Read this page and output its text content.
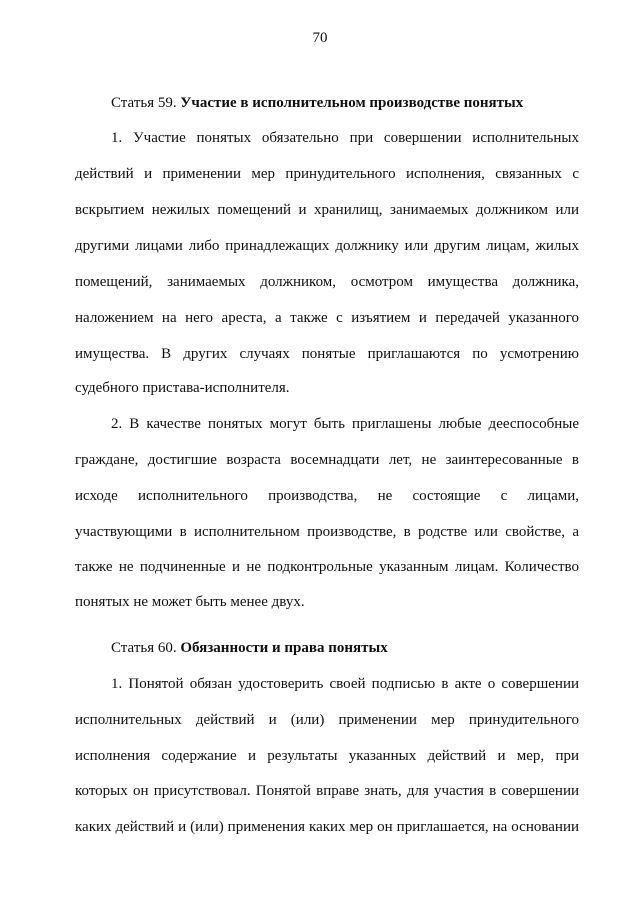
70
Статья 59. Участие в исполнительном производстве понятых
1. Участие понятых обязательно при совершении исполнительных
действий и применении мер принудительного исполнения, связанных с
вскрытием нежилых помещений и хранилищ, занимаемых должником или
другими лицами либо принадлежащих должнику или другим лицам, жилых
помещений, занимаемых должником, осмотром имущества должника,
наложением на него ареста, а также с изъятием и передачей указанного
имущества. В других случаях понятые приглашаются по усмотрению
судебного пристава-исполнителя.
2. В качестве понятых могут быть приглашены любые дееспособные
граждане, достигшие возраста восемнадцати лет, не заинтересованные в
исходе исполнительного производства, не состоящие с лицами,
участвующими в исполнительном производстве, в родстве или свойстве, а
также не подчиненные и не подконтрольные указанным лицам. Количество
понятых не может быть менее двух.
Статья 60. Обязанности и права понятых
1. Понятой обязан удостоверить своей подписью в акте о совершении
исполнительных действий и (или) применении мер принудительного
исполнения содержание и результаты указанных действий и мер, при
которых он присутствовал. Понятой вправе знать, для участия в совершении
каких действий и (или) применения каких мер он приглашается, на основании
